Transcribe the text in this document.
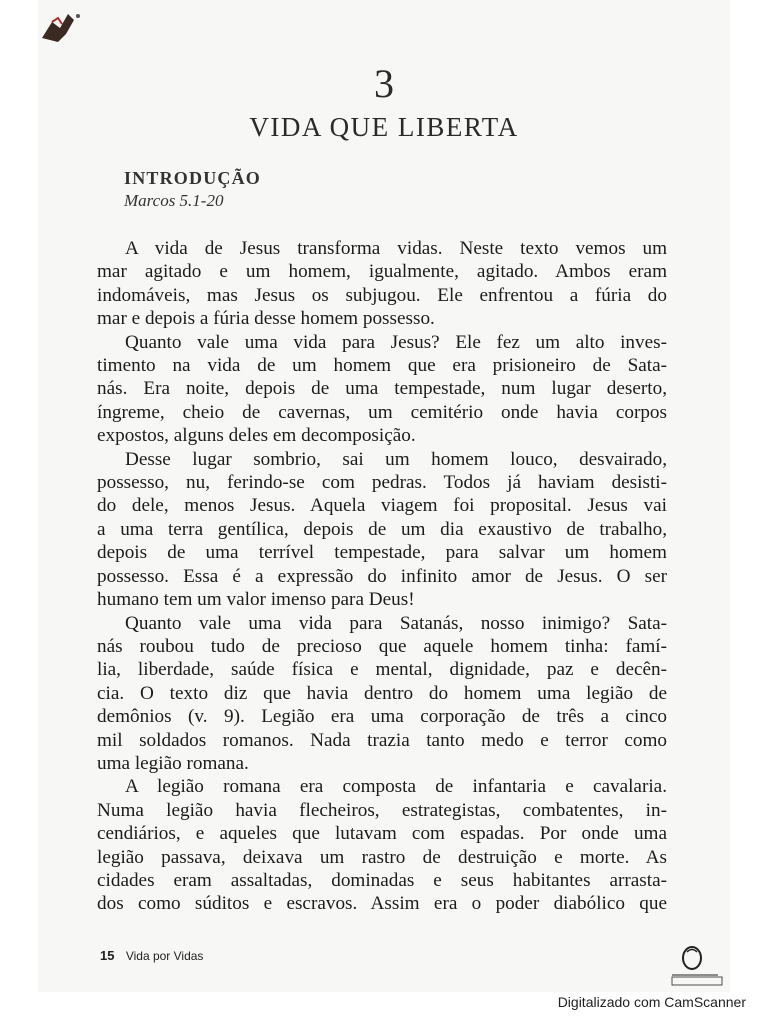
3
VIDA QUE LIBERTA
INTRODUÇÃO
Marcos 5.1-20
A vida de Jesus transforma vidas. Neste texto vemos um
mar agitado e um homem, igualmente, agitado. Ambos eram
indomáveis, mas Jesus os subjugou. Ele enfrentou a fúria do
mar e depois a fúria desse homem possesso.
Quanto vale uma vida para Jesus? Ele fez um alto inves-
timento na vida de um homem que era prisioneiro de Sata-
nás. Era noite, depois de uma tempestade, num lugar deserto,
íngreme, cheio de cavernas, um cemitério onde havia corpos
expostos, alguns deles em decomposição.
Desse lugar sombrio, sai um homem louco, desvairado,
possesso, nu, ferindo-se com pedras. Todos já haviam desisti-
do dele, menos Jesus. Aquela viagem foi proposital. Jesus vai
a uma terra gentílica, depois de um dia exaustivo de trabalho,
depois de uma terrível tempestade, para salvar um homem
possesso. Essa é a expressão do infinito amor de Jesus. O ser
humano tem um valor imenso para Deus!
Quanto vale uma vida para Satanás, nosso inimigo? Sata-
nás roubou tudo de precioso que aquele homem tinha: famí-
lia, liberdade, saúde física e mental, dignidade, paz e decên-
cia. O texto diz que havia dentro do homem uma legião de
demônios (v. 9). Legião era uma corporação de três a cinco
mil soldados romanos. Nada trazia tanto medo e terror como
uma legião romana.
A legião romana era composta de infantaria e cavalaria.
Numa legião havia flecheiros, estrategistas, combatentes, in-
cendiários, e aqueles que lutavam com espadas. Por onde uma
legião passava, deixava um rastro de destruição e morte. As
cidades eram assaltadas, dominadas e seus habitantes arrasta-
dos como súditos e escravos. Assim era o poder diabólico que
15 Vida por Vidas
Digitalizado com CamScanner
